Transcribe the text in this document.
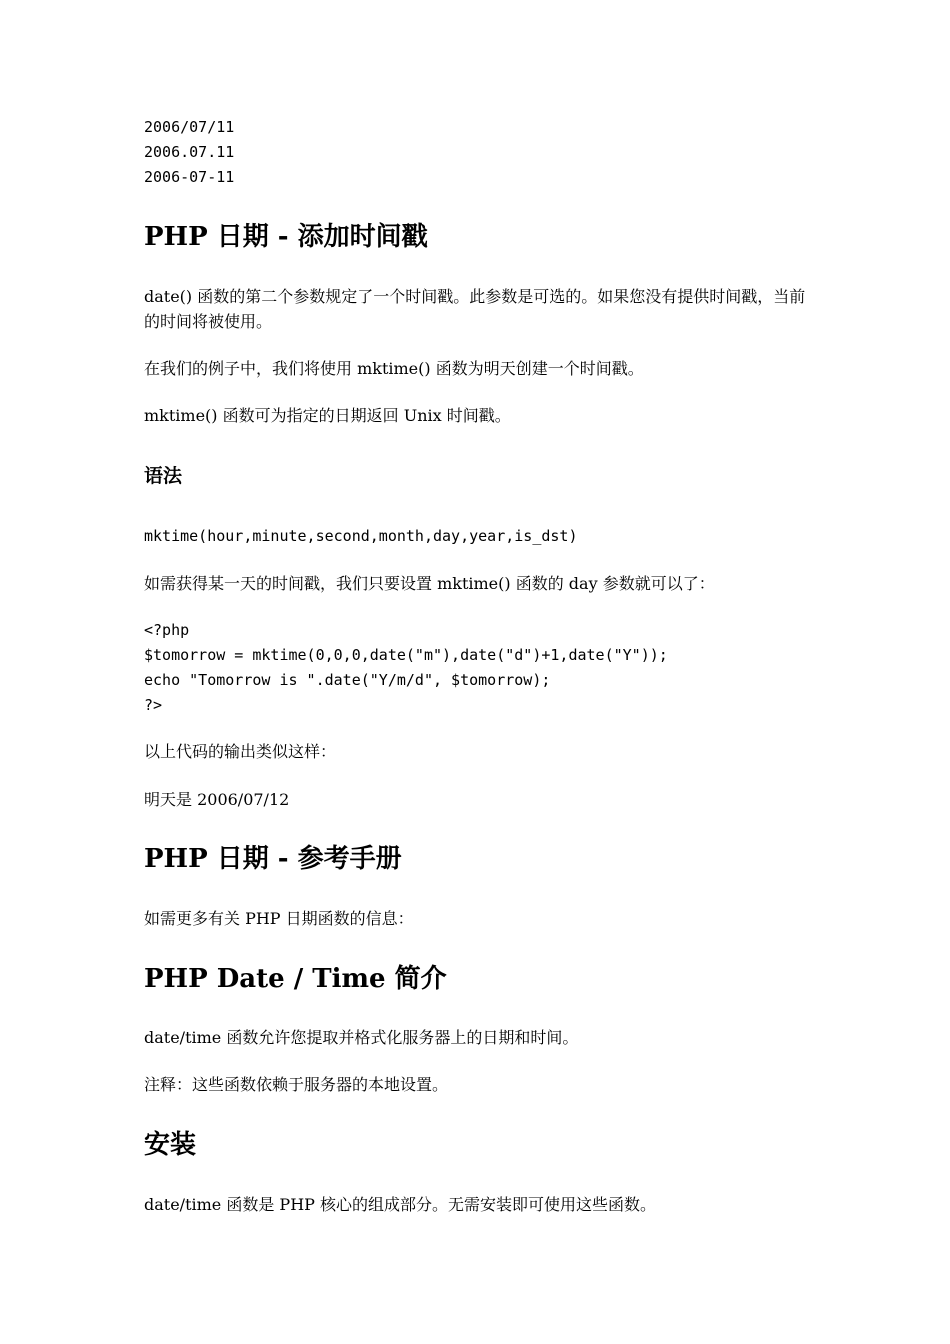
2006/07/11
2006.07.11
2006-07-11
PHP 日期 - 添加时间戳
date() 函数的第二个参数规定了一个时间戳。此参数是可选的。如果您没有提供时间戳，当前的时间将被使用。
在我们的例子中，我们将使用 mktime() 函数为明天创建一个时间戳。
mktime() 函数可为指定的日期返回 Unix 时间戳。
语法
mktime(hour,minute,second,month,day,year,is_dst)
如需获得某一天的时间戳，我们只要设置 mktime() 函数的 day 参数就可以了：
<?php
$tomorrow = mktime(0,0,0,date("m"),date("d")+1,date("Y"));
echo "Tomorrow is ".date("Y/m/d", $tomorrow);
?>
以上代码的输出类似这样：
明天是 2006/07/12
PHP 日期 - 参考手册
如需更多有关 PHP 日期函数的信息：
PHP Date / Time 简介
date/time 函数允许您提取并格式化服务器上的日期和时间。
注释：这些函数依赖于服务器的本地设置。
安装
date/time 函数是 PHP 核心的组成部分。无需安装即可使用这些函数。
